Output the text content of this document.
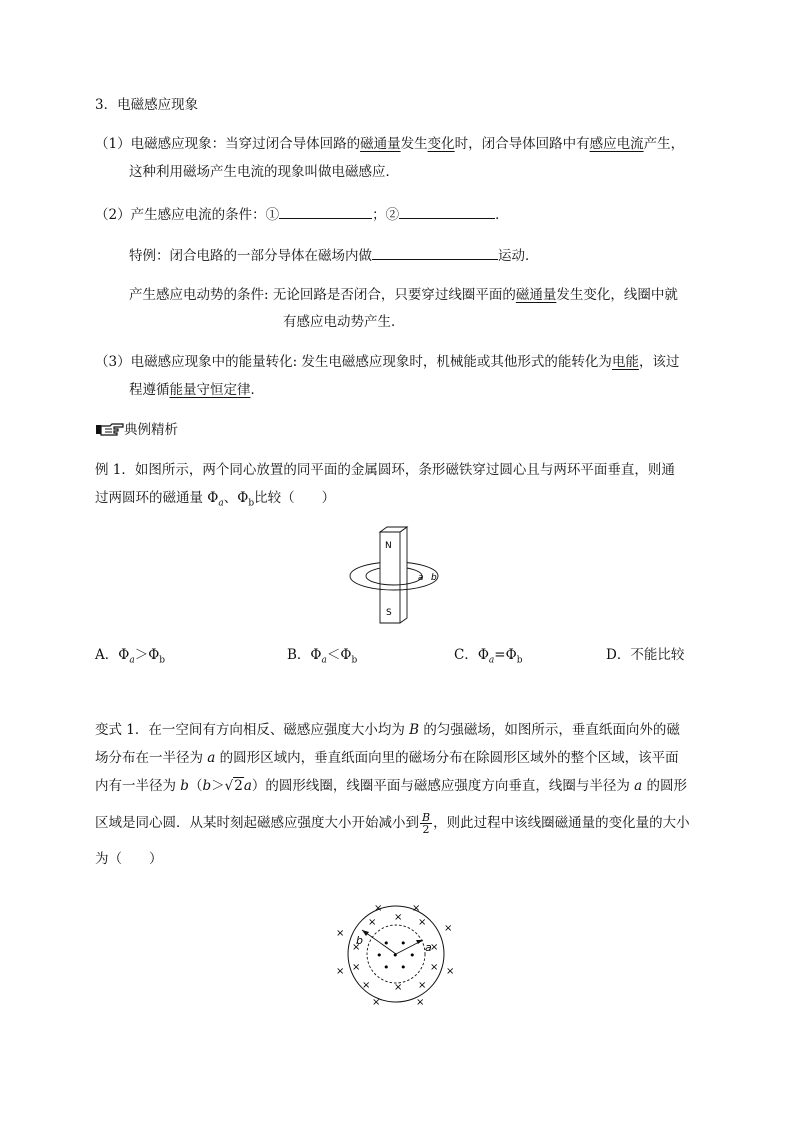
3．电磁感应现象
（1）电磁感应现象：当穿过闭合导体回路的磁通量发生变化时，闭合导体回路中有感应电流产生，
这种利用磁场产生电流的现象叫做电磁感应．
（2）产生感应电流的条件：①	；②	．
特例：闭合电路的一部分导体在磁场内做	运动．
产生感应电动势的条件: 无论回路是否闭合，只要穿过线圈平面的磁通量发生变化，线圈中就
有感应电动势产生．
（3）电磁感应现象中的能量转化: 发生电磁感应现象时，机械能或其他形式的能转化为电能，该过
程遵循能量守恒定律．
典例精析
例 1．如图所示，两个同心放置的同平面的金属圆环，条形磁铁穿过圆心且与两环平面垂直，则通
过两圆环的磁通量 $\Phi_a$、$\Phi_b$比较（　　）
N
S
a b
A．$\Phi_a>\Phi_b$	B．$\Phi_a<\Phi_b$	C．$\Phi_a=\Phi_b$	D．不能比较
变式 1．在一空间有方向相反、磁感应强度大小均为 B 的匀强磁场，如图所示，垂直纸面向外的磁
场分布在一半径为 a 的圆形区域内，垂直纸面向里的磁场分布在除圆形区域外的整个区域，该平面
内有一半径为 b（b＞√2a）的圆形线圈，线圈平面与磁感应强度方向垂直，线圈与半径为 a 的圆形
区域是同心圆．从某时刻起磁感应强度大小开始减小到 $\frac{B}{2}$ ，则此过程中该线圈磁通量的变化量的大小
为（　　）
b
a
• •
• • •
• •
×	×
×
×	×
×
×
×	×
×	×
×	×
× × ×
×	×
